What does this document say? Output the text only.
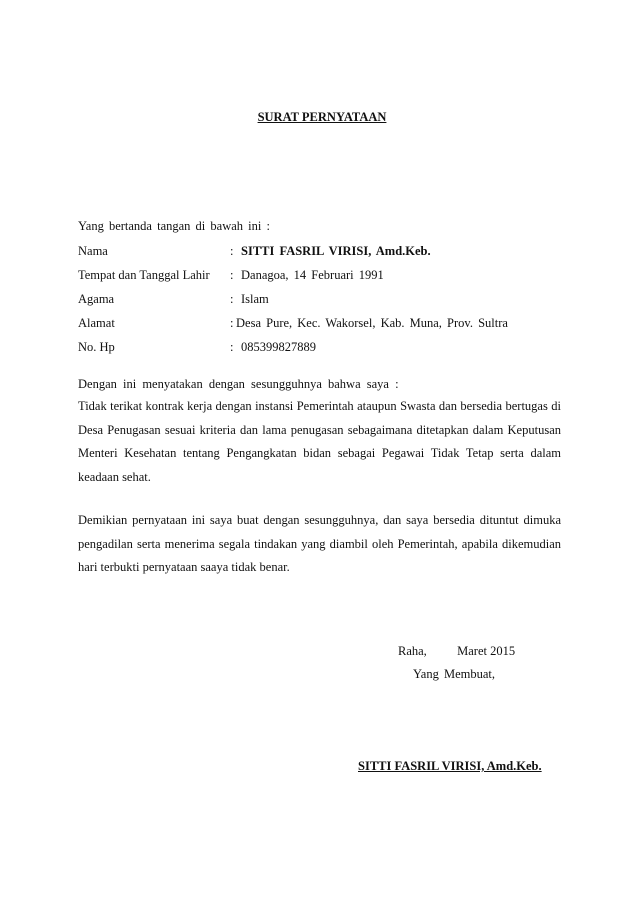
SURAT PERNYATAAN
Yang bertanda tangan di bawah ini :
Nama	: SITTI FASRIL VIRISI, Amd.Keb.
Tempat dan Tanggal Lahir : Danagoa, 14 Februari 1991
Agama	: Islam
Alamat	: Desa Pure, Kec. Wakorsel, Kab. Muna, Prov. Sultra
No. Hp	: 085399827889
Dengan ini menyatakan dengan sesungguhnya bahwa saya :
Tidak terikat kontrak kerja dengan instansi Pemerintah ataupun Swasta dan bersedia bertugas di Desa Penugasan sesuai kriteria dan lama penugasan sebagaimana ditetapkan dalam Keputusan Menteri Kesehatan tentang Pengangkatan bidan sebagai Pegawai Tidak Tetap serta dalam keadaan sehat.
Demikian pernyataan ini saya buat dengan sesungguhnya, dan saya bersedia dituntut dimuka pengadilan serta menerima segala tindakan yang diambil oleh Pemerintah, apabila dikemudian hari terbukti pernyataan saaya tidak benar.
Raha, Maret 2015
Yang Membuat,
SITTI FASRIL VIRISI, Amd.Keb.
